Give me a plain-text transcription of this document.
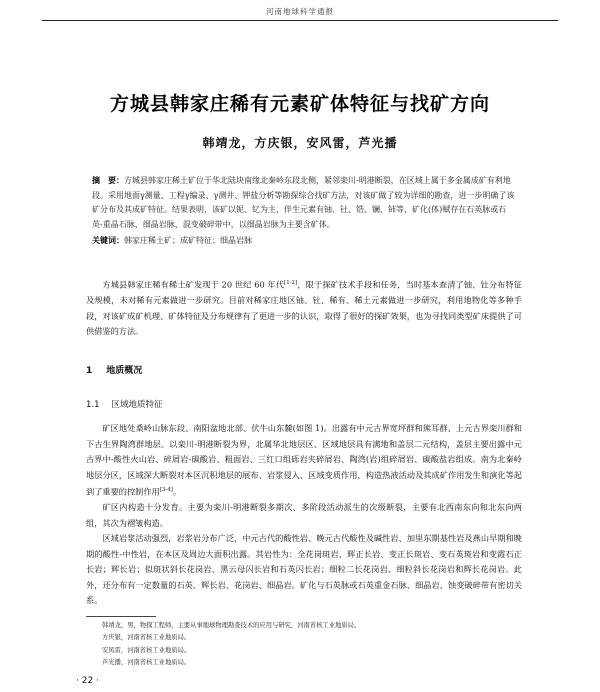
河南地球科学通报
方城县韩家庄稀有元素矿体特征与找矿方向
韩靖龙，方庆银，安风雷，芦光播

摘　要：方城县韩家庄稀土矿位于华北陆块南缘北秦岭东段北侧，紧邻栾川-明港断裂，在区域上属于多金属成矿有利地段。采用地面γ测量、工程γ编录、γ测井、钾盐分析等勘探综合找矿方法，对该矿做了较为详细的勘查，进一步明确了该矿分布及其成矿特征。结果表明，该矿以铌、钇为主，伴生元素有铀、钍、锆、镧、铈等，矿化(体)赋存在石英脉或石英-重晶石脉、细晶岩脉、混变破碎带中，以细晶岩脉为主要含矿体。

关键词：韩家庄稀土矿；成矿特征；细晶岩脉

方城县韩家庄稀有稀土矿发现于 20 世纪 60 年代[1-2]，限于探矿技术手段和任务，当时基本查清了铀、钍分布特征及规模，未对稀有元素做进一步研究。目前对稀家庄地区铀、钍、稀有、稀土元素做进一步研究，利用地物化等多种手段，对该矿成矿机理、矿体特征及分布规律有了更进一步的认识，取得了很好的探矿效果，也为寻找同类型矿床提供了可供借鉴的方法。

1 地质概况
1.1 区域地质特征

矿区地处桑岭山脉东段、南阳盆地北部、伏牛山东麓(如图 1)。出露有中元古界宽坪群和熊耳群、上元古界栾川群和下古生界陶湾群地层。以栾川-明港断裂为界，北属华北地层区、区域地层具有满地和盖层二元结构，盖层主要出露中元古界中-酸性火山岩、碎屑岩-碳酸岩、粗面岩、三红口组砾岩夹碎屑岩、陶湾(岩)组碎屑岩、碳酸盐岩组成。南为北秦岭地层分区，区域深大断裂对本区沉积地层的展布、岩浆侵入、区域变质作用，构造热液活动及其成矿作用发生和演化等起到了重要的控制作用[3-4]。

矿区内构造十分发育。主要为栾川-明港断裂多期次、多阶段活动派生的次级断裂，主要有北西南东向和北东向两组，其次为褶皱构造。

区域岩浆活动强烈，岩浆岩分布广泛，中元古代的酸性岩、晚元古代酸性及碱性岩、加里东期基性岩及燕山早期和晚期的酸性-中性岩，在本区及周边大面积出露。其岩性为：全花岗斑岩，辉正长岩、变正长斑岩、变石英斑岩和变霞石正长岩；辉长岩；似斑状斜长花岗岩、黑云母闪长岩和石英闪长岩；细粒二长花岗岩、细粒斜长花岗岩和辉长花岗岩。此外，还分布有一定数量的石英、辉长岩、花岗岩、细晶岩。矿化与石英脉或石英重金石脉、细晶岩、蚀变破碎带有密切关系。

韩靖龙，男，物探工程师，主要从事地球物理勘查技术的应用与研究，河南省核工业地质局。
方庆银，河南省核工业地质局。
安风雷，河南省核工业地质局。
芦光播，河南省核工业地质局。
· 22 ·
